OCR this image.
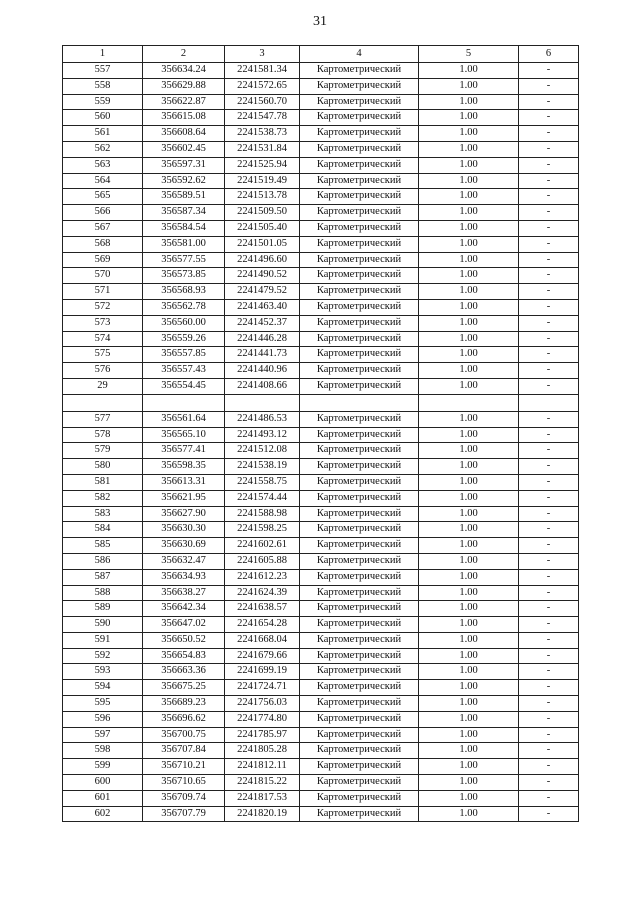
31
1	2	3	4	5	6
557	356634.24	2241581.34	Картометрический	1.00	-
558	356629.88	2241572.65	Картометрический	1.00	-
559	356622.87	2241560.70	Картометрический	1.00	-
560	356615.08	2241547.78	Картометрический	1.00	-
561	356608.64	2241538.73	Картометрический	1.00	-
562	356602.45	2241531.84	Картометрический	1.00	-
563	356597.31	2241525.94	Картометрический	1.00	-
564	356592.62	2241519.49	Картометрический	1.00	-
565	356589.51	2241513.78	Картометрический	1.00	-
566	356587.34	2241509.50	Картометрический	1.00	-
567	356584.54	2241505.40	Картометрический	1.00	-
568	356581.00	2241501.05	Картометрический	1.00	-
569	356577.55	2241496.60	Картометрический	1.00	-
570	356573.85	2241490.52	Картометрический	1.00	-
571	356568.93	2241479.52	Картометрический	1.00	-
572	356562.78	2241463.40	Картометрический	1.00	-
573	356560.00	2241452.37	Картометрический	1.00	-
574	356559.26	2241446.28	Картометрический	1.00	-
575	356557.85	2241441.73	Картометрический	1.00	-
576	356557.43	2241440.96	Картометрический	1.00	-
29	356554.45	2241408.66	Картометрический	1.00	-

577	356561.64	2241486.53	Картометрический	1.00	-
578	356565.10	2241493.12	Картометрический	1.00	-
579	356577.41	2241512.08	Картометрический	1.00	-
580	356598.35	2241538.19	Картометрический	1.00	-
581	356613.31	2241558.75	Картометрический	1.00	-
582	356621.95	2241574.44	Картометрический	1.00	-
583	356627.90	2241588.98	Картометрический	1.00	-
584	356630.30	2241598.25	Картометрический	1.00	-
585	356630.69	2241602.61	Картометрический	1.00	-
586	356632.47	2241605.88	Картометрический	1.00	-
587	356634.93	2241612.23	Картометрический	1.00	-
588	356638.27	2241624.39	Картометрический	1.00	-
589	356642.34	2241638.57	Картометрический	1.00	-
590	356647.02	2241654.28	Картометрический	1.00	-
591	356650.52	2241668.04	Картометрический	1.00	-
592	356654.83	2241679.66	Картометрический	1.00	-
593	356663.36	2241699.19	Картометрический	1.00	-
594	356675.25	2241724.71	Картометрический	1.00	-
595	356689.23	2241756.03	Картометрический	1.00	-
596	356696.62	2241774.80	Картометрический	1.00	-
597	356700.75	2241785.97	Картометрический	1.00	-
598	356707.84	2241805.28	Картометрический	1.00	-
599	356710.21	2241812.11	Картометрический	1.00	-
600	356710.65	2241815.22	Картометрический	1.00	-
601	356709.74	2241817.53	Картометрический	1.00	-
602	356707.79	2241820.19	Картометрический	1.00	-
